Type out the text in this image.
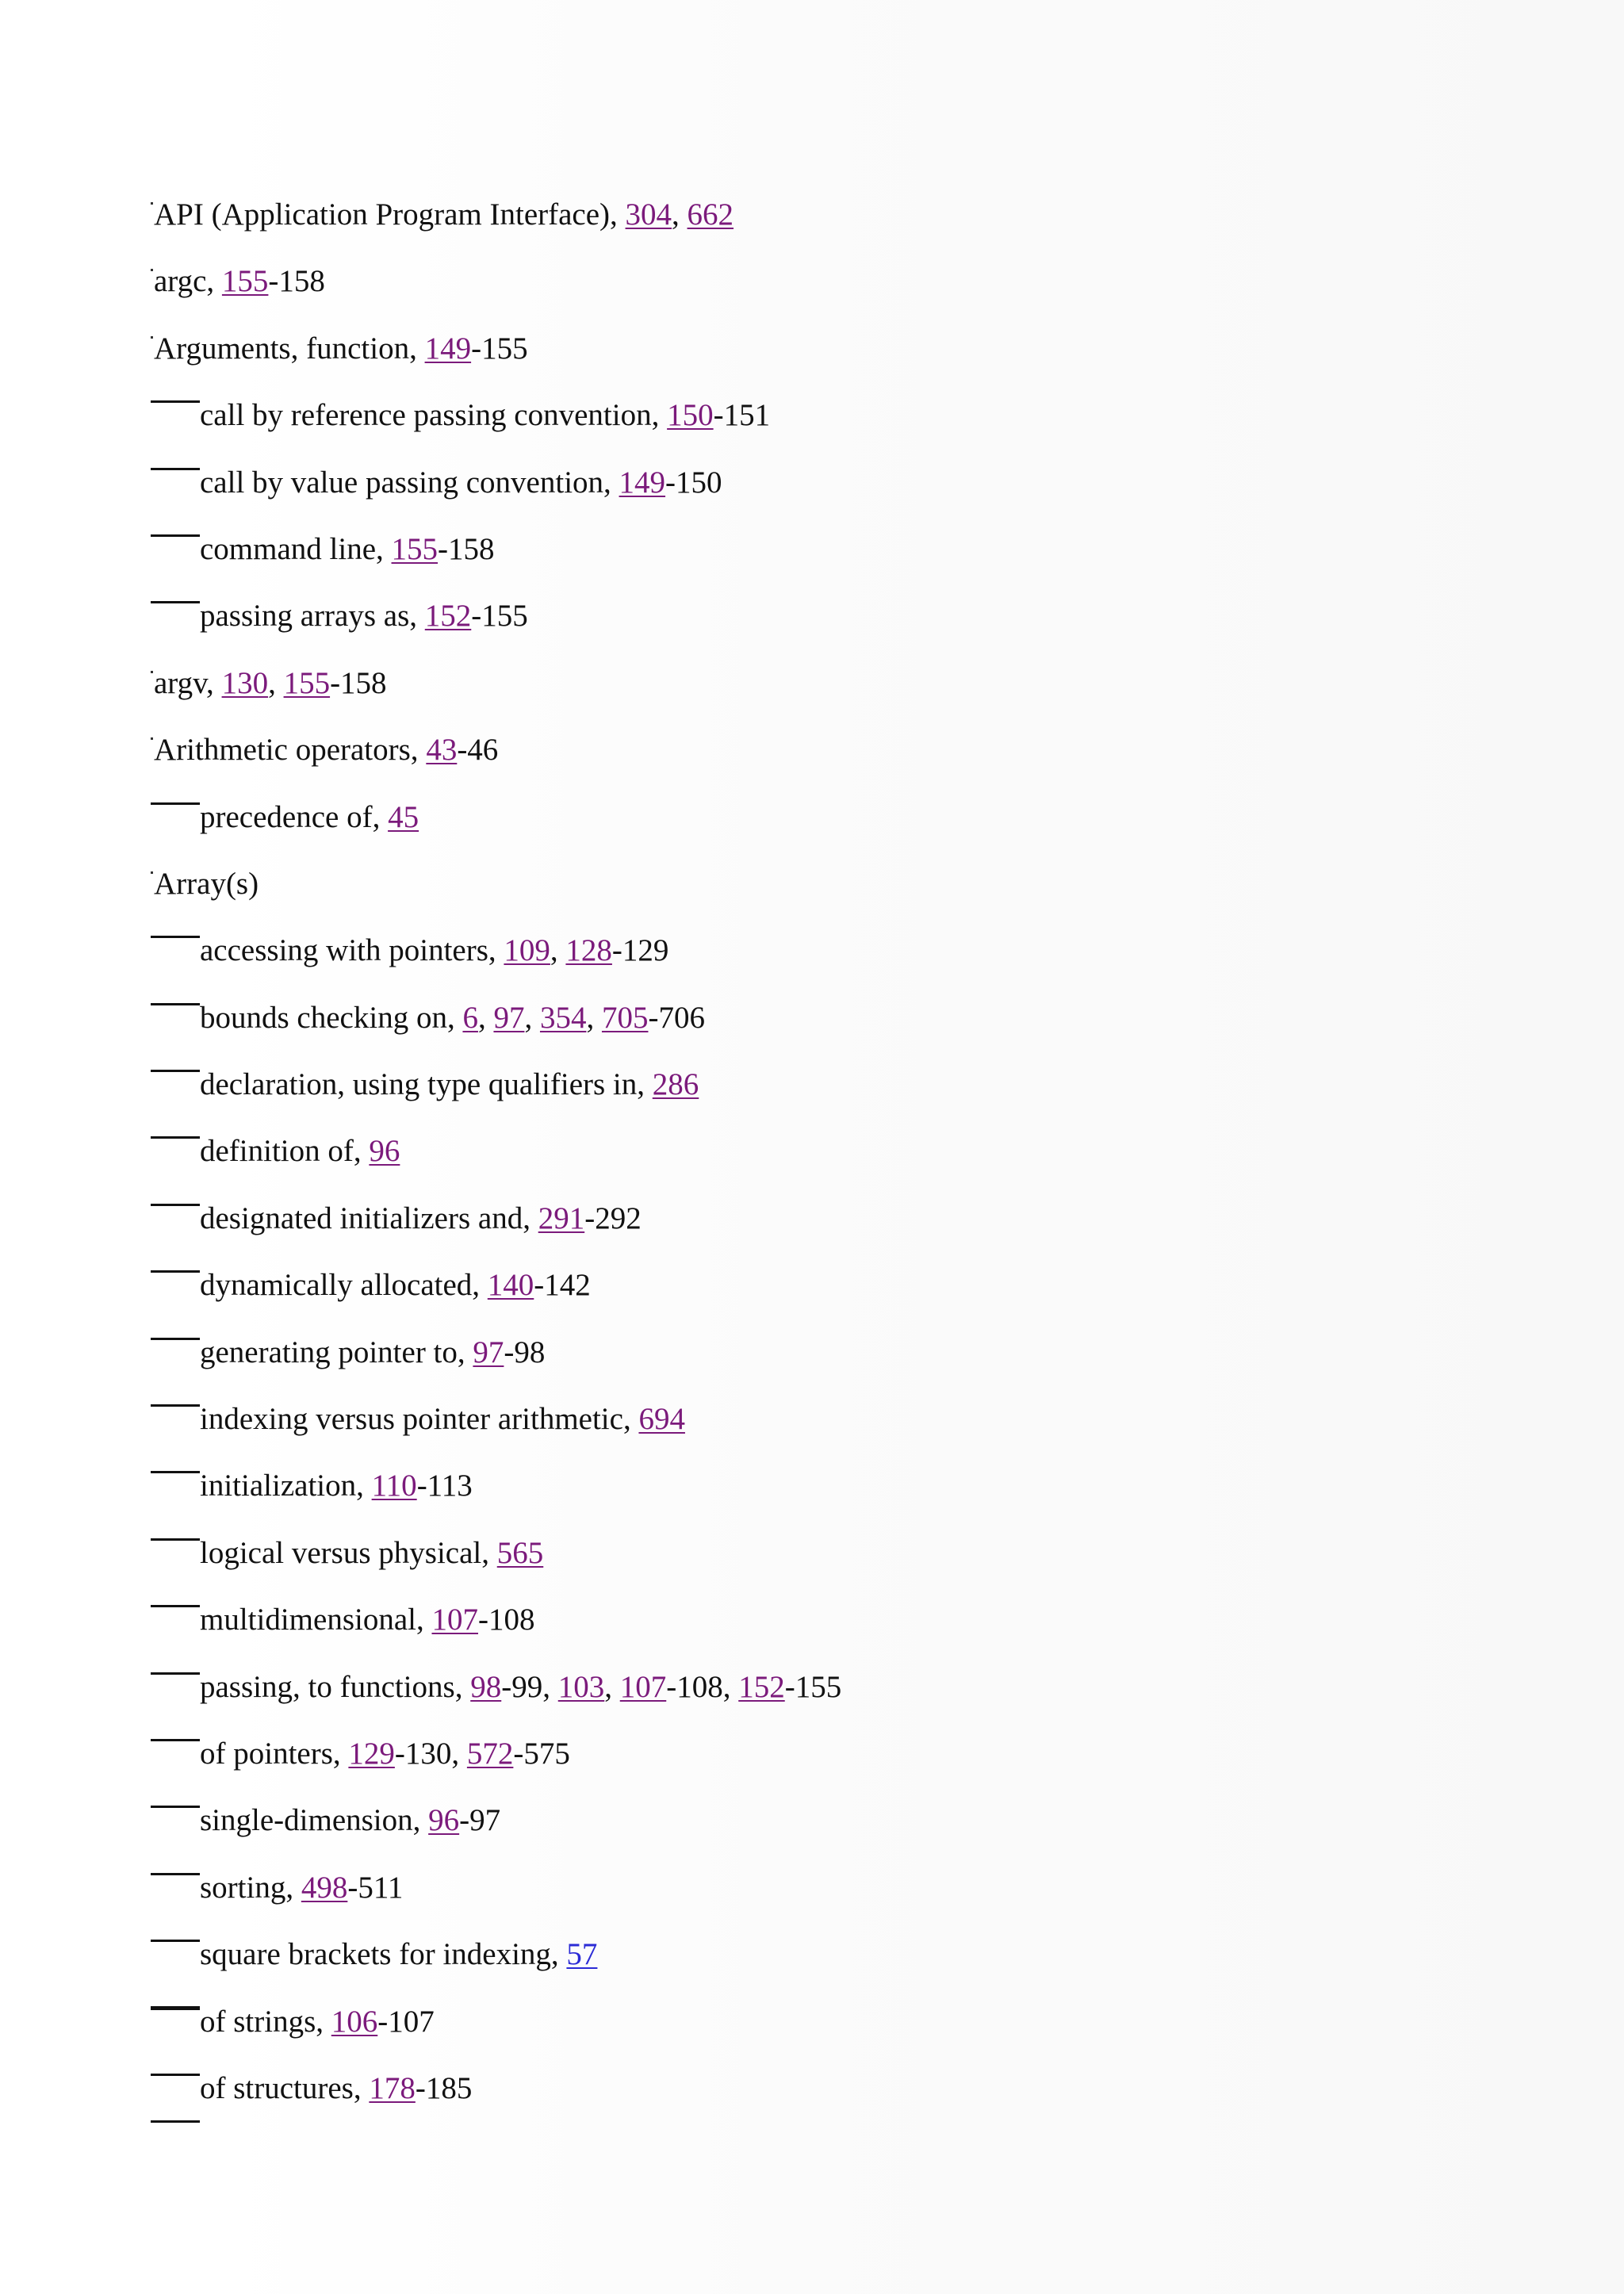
API (Application Program Interface), 304, 662
argc, 155-158
Arguments, function, 149-155
call by reference passing convention, 150-151
call by value passing convention, 149-150
command line, 155-158
passing arrays as, 152-155
argv, 130, 155-158
Arithmetic operators, 43-46
precedence of, 45
Array(s)
accessing with pointers, 109, 128-129
bounds checking on, 6, 97, 354, 705-706
declaration, using type qualifiers in, 286
definition of, 96
designated initializers and, 291-292
dynamically allocated, 140-142
generating pointer to, 97-98
indexing versus pointer arithmetic, 694
initialization, 110-113
logical versus physical, 565
multidimensional, 107-108
passing, to functions, 98-99, 103, 107-108, 152-155
of pointers, 129-130, 572-575
single-dimension, 96-97
sorting, 498-511
square brackets for indexing, 57
of strings, 106-107
of structures, 178-185
